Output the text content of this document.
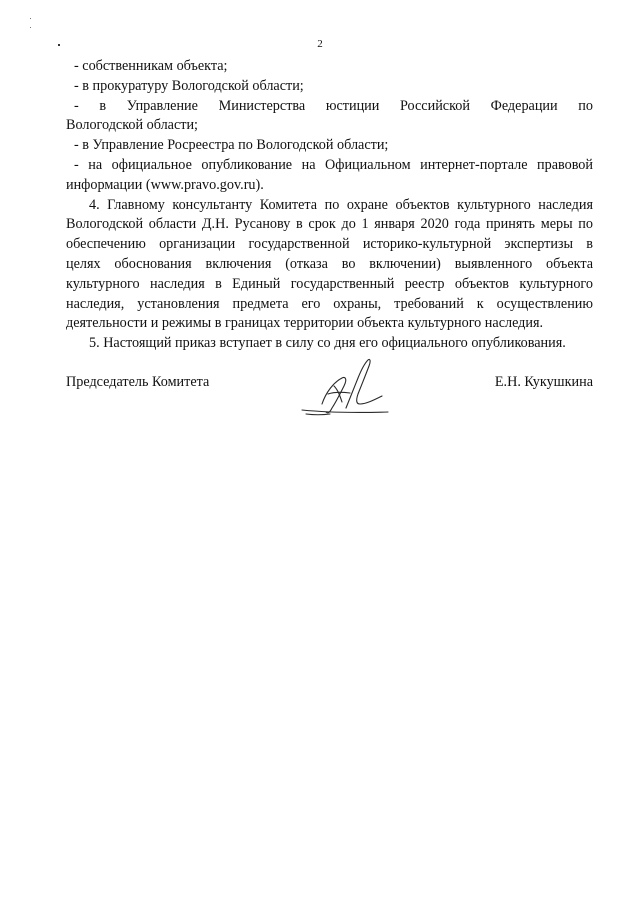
2
- собственникам объекта;
- в прокуратуру Вологодской области;
- в Управление Министерства юстиции Российской Федерации по
Вологодской области;
- в Управление Росреестра по Вологодской области;
- на официальное опубликование на Официальном интернет-портале правовой
информации (www.pravo.gov.ru).
4. Главному консультанту Комитета по охране объектов культурного наследия
Вологодской области Д.Н. Русанову в срок до 1 января 2020 года принять меры по
обеспечению организации государственной историко-культурной экспертизы в
целях обоснования включения (отказа во включении) выявленного объекта
культурного наследия в Единый государственный реестр объектов культурного
наследия, установления предмета его охраны, требований к осуществлению
деятельности и режимы в границах территории объекта культурного наследия.
5. Настоящий приказ вступает в силу со дня его официального опубликования.
Председатель Комитета	Е.Н. Кукушкина
